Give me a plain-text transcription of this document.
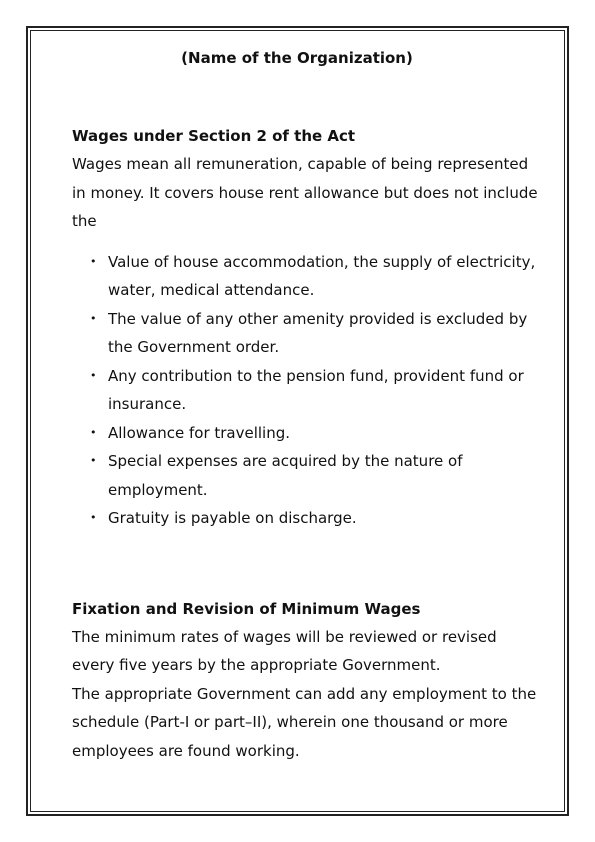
(Name of the Organization)
Wages under Section 2 of the Act

Wages mean all remuneration, capable of being represented in money. It covers house rent allowance but does not include the

• Value of house accommodation, the supply of electricity, water, medical attendance.
• The value of any other amenity provided is excluded by the Government order.
• Any contribution to the pension fund, provident fund or insurance.
• Allowance for travelling.
• Special expenses are acquired by the nature of employment.
• Gratuity is payable on discharge.
Fixation and Revision of Minimum Wages

The minimum rates of wages will be reviewed or revised every five years by the appropriate Government.

The appropriate Government can add any employment to the schedule (Part-I or part–II), wherein one thousand or more employees are found working.
